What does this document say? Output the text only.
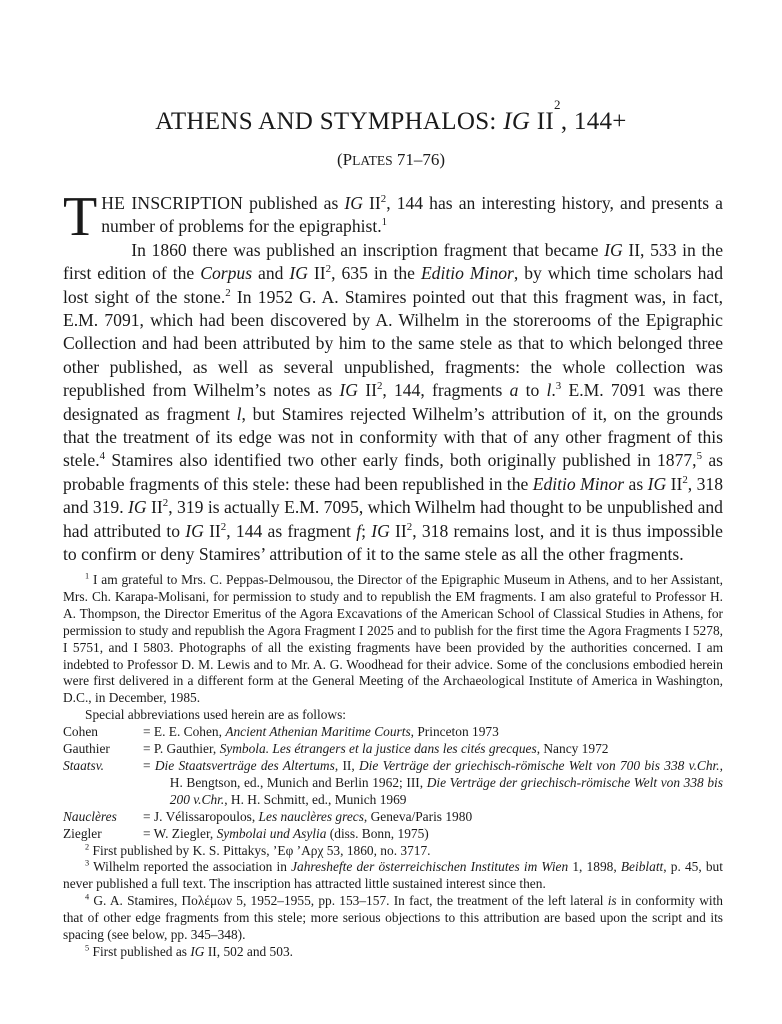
ATHENS AND STYMPHALOS: IG $II^2$, 144+
(PLATES 71–76)

THE INSCRIPTION published as IG $II^2$, 144 has an interesting history, and presents a number of problems for the epigraphist.$^1$

In 1860 there was published an inscription fragment that became IG II, 533 in the first edition of the Corpus and IG $II^2$, 635 in the Editio Minor, by which time scholars had lost sight of the stone.$^2$ In 1952 G. A. Stamires pointed out that this fragment was, in fact, E.M. 7091, which had been discovered by A. Wilhelm in the storerooms of the Epigraphic Collection and had been attributed by him to the same stele as that to which belonged three other published, as well as several unpublished, fragments: the whole collection was republished from Wilhelm’s notes as IG $II^2$, 144, fragments a to l.$^3$ E.M. 7091 was there designated as fragment l, but Stamires rejected Wilhelm’s attribution of it, on the grounds that the treatment of its edge was not in conformity with that of any other fragment of this stele.$^4$ Stamires also identified two other early finds, both originally published in 1877,$^5$ as probable fragments of this stele: these had been republished in the Editio Minor as IG $II^2$, 318 and 319. IG $II^2$, 319 is actually E.M. 7095, which Wilhelm had thought to be unpublished and had attributed to IG $II^2$, 144 as fragment f; IG $II^2$, 318 remains lost, and it is thus impossible to confirm or deny Stamires’ attribution of it to the same stele as all the other fragments.

$^1$ I am grateful to Mrs. C. Peppas-Delmousou, the Director of the Epigraphic Museum in Athens, and to her Assistant, Mrs. Ch. Karapa-Molisani, for permission to study and to republish the EM fragments. I am also grateful to Professor H. A. Thompson, the Director Emeritus of the Agora Excavations of the American School of Classical Studies in Athens, for permission to study and republish the Agora Fragment I 2025 and to publish for the first time the Agora Fragments I 5278, I 5751, and I 5803. Photographs of all the existing fragments have been provided by the authorities concerned. I am indebted to Professor D. M. Lewis and to Mr. A. G. Woodhead for their advice. Some of the conclusions embodied herein were first delivered in a different form at the General Meeting of the Archaeological Institute of America in Washington, D.C., in December, 1985.

Special abbreviations used herein are as follows:

Cohen	= E. E. Cohen, Ancient Athenian Maritime Courts, Princeton 1973
Gauthier	= P. Gauthier, Symbola. Les étrangers et la justice dans les cités grecques, Nancy 1972
Staatsv.	= Die Staatsverträge des Altertums, II, Die Verträge der griechisch-römische Welt von 700 bis 338 v.Chr., H. Bengtson, ed., Munich and Berlin 1962; III, Die Verträge der griechisch-römische Welt von 338 bis 200 v.Chr., H. H. Schmitt, ed., Munich 1969
Nauclères	= J. Vélissaropoulos, Les nauclères grecs, Geneva/Paris 1980
Ziegler	= W. Ziegler, Symbolai und Asylia (diss. Bonn, 1975)

$^2$ First published by K. S. Pittakys, ’Εφ ’Αρχ 53, 1860, no. 3717.

$^3$ Wilhelm reported the association in Jahreshefte der österreichischen Institutes im Wien 1, 1898, Beiblatt, p. 45, but never published a full text. The inscription has attracted little sustained interest since then.

$^4$ G. A. Stamires, Πολέμων 5, 1952–1955, pp. 153–157. In fact, the treatment of the left lateral is in conformity with that of other edge fragments from this stele; more serious objections to this attribution are based upon the script and its spacing (see below, pp. 345–348).

$^5$ First published as IG II, 502 and 503.
